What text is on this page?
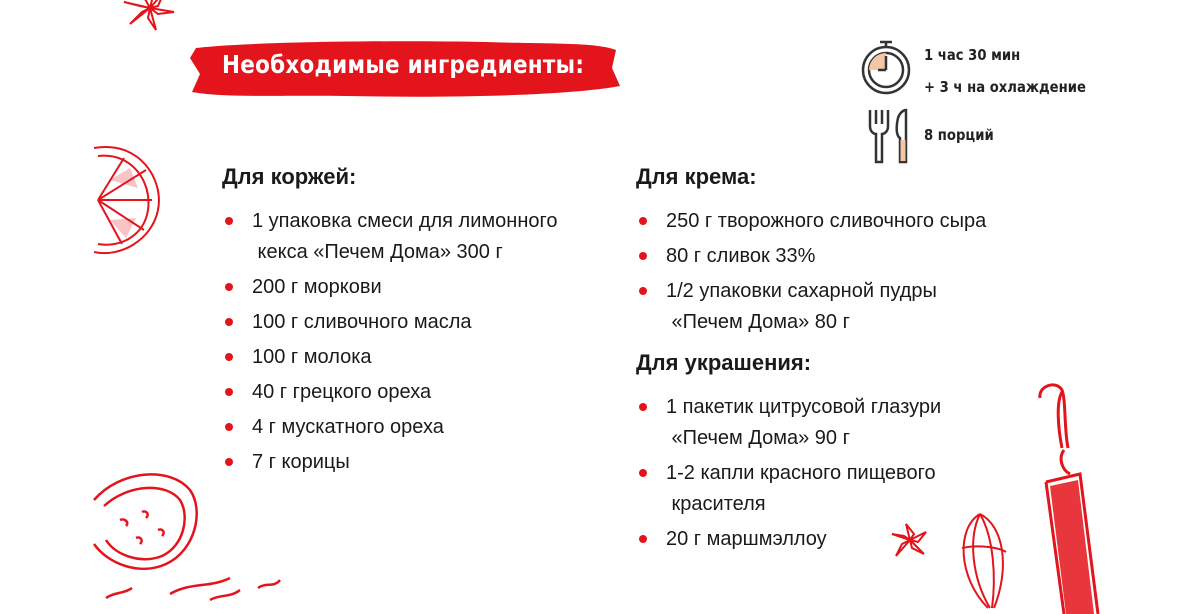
Необходимые ингредиенты:	1 час 30 мин
+ 3 ч на охлаждение
8 порций
Для коржей:
1 упаковка смеси для лимонного
кекса «Печем Дома» 300 г
200 г моркови
100 г сливочного масла
100 г молока
40 г грецкого ореха
4 г мускатного ореха
7 г корицы
Для крема:
250 г творожного сливочного сыра
80 г сливок 33%
1/2 упаковки сахарной пудры
«Печем Дома» 80 г
Для украшения:
1 пакетик цитрусовой глазури
«Печем Дома» 90 г
1-2 капли красного пищевого
красителя
20 г маршмэллоу
